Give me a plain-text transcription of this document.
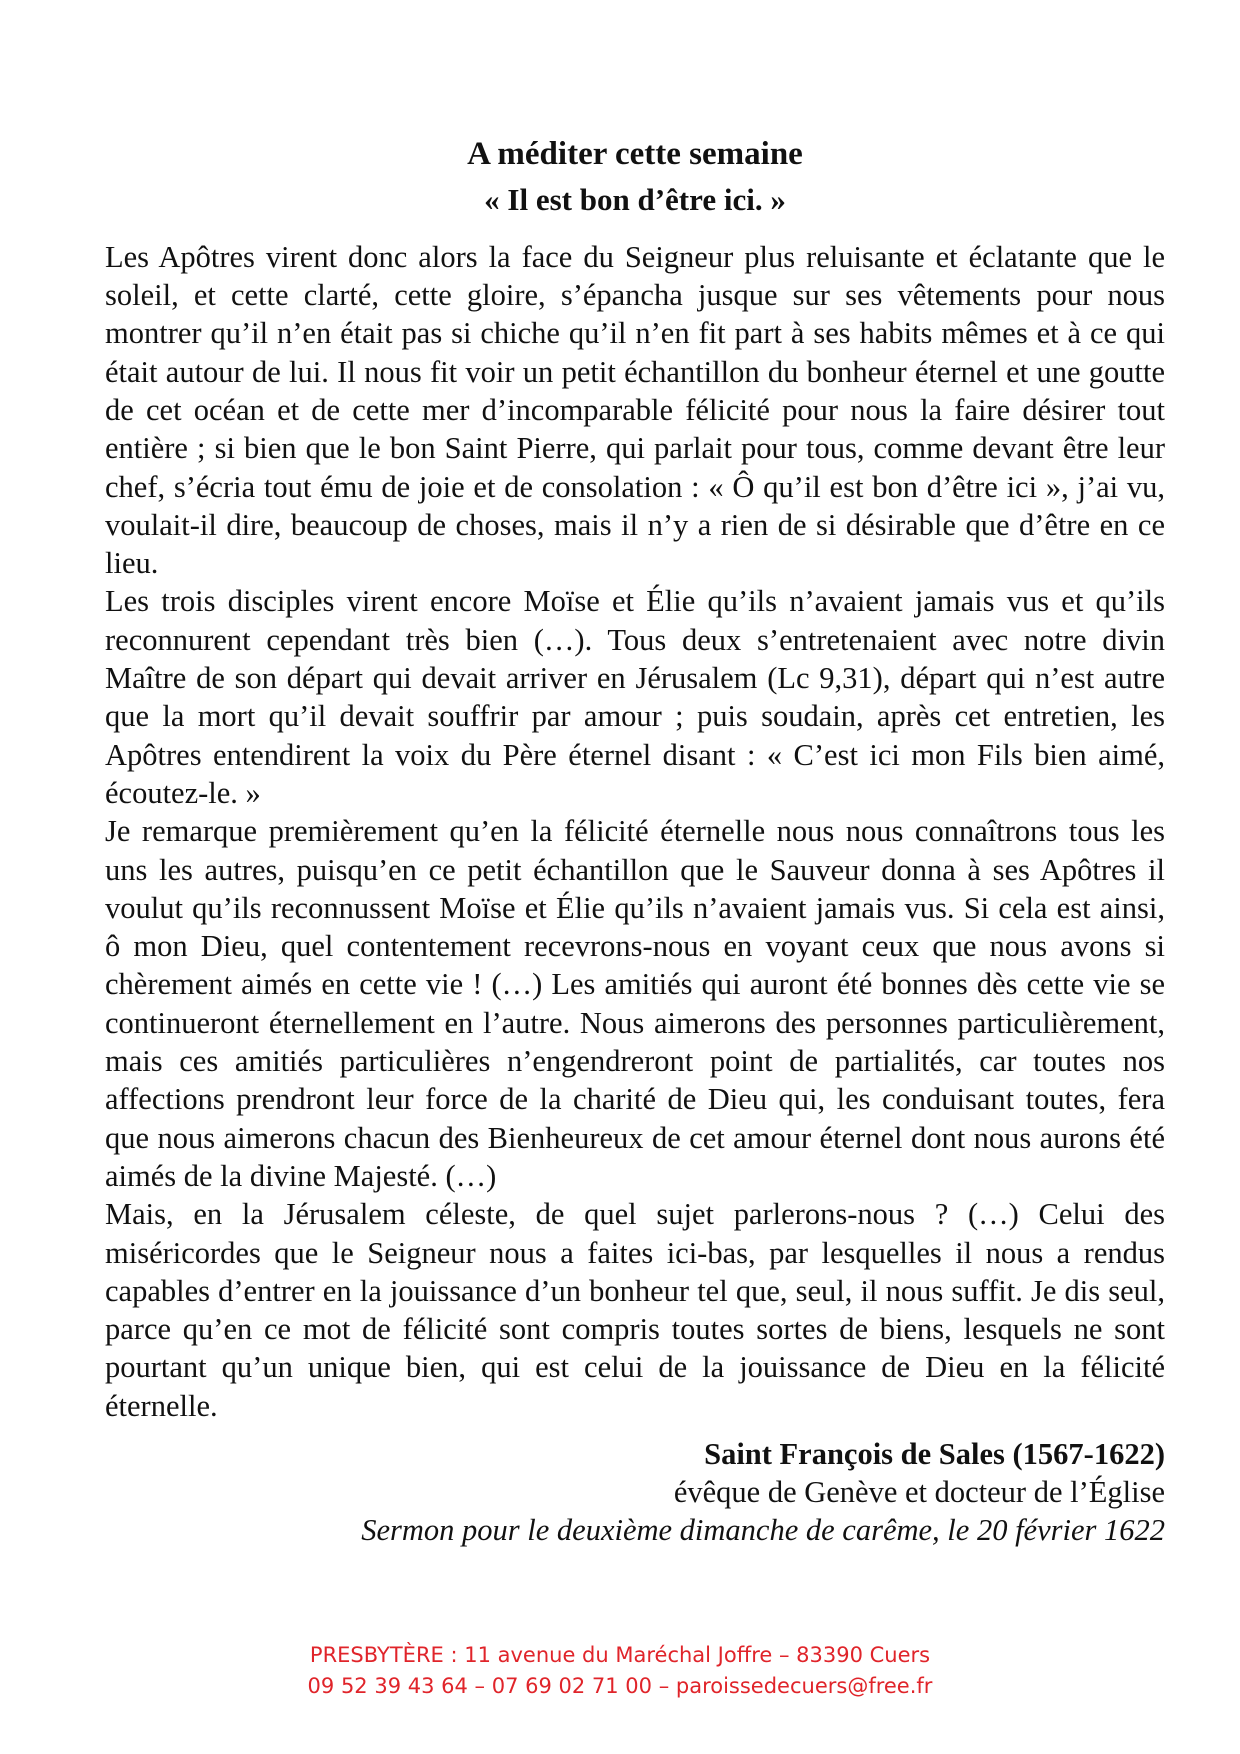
A méditer cette semaine
« Il est bon d’être ici. »

Les Apôtres virent donc alors la face du Seigneur plus reluisante et éclatante que le soleil, et cette clarté, cette gloire, s’épancha jusque sur ses vêtements pour nous montrer qu’il n’en était pas si chiche qu’il n’en fit part à ses habits mêmes et à ce qui était autour de lui. Il nous fit voir un petit échantillon du bonheur éternel et une goutte de cet océan et de cette mer d’incomparable félicité pour nous la faire désirer tout entière ; si bien que le bon Saint Pierre, qui parlait pour tous, comme devant être leur chef, s’écria tout ému de joie et de consolation : « Ô qu’il est bon d’être ici », j’ai vu, voulait-il dire, beaucoup de choses, mais il n’y a rien de si désirable que d’être en ce lieu.

Les trois disciples virent encore Moïse et Élie qu’ils n’avaient jamais vus et qu’ils reconnurent cependant très bien (…). Tous deux s’entretenaient avec notre divin Maître de son départ qui devait arriver en Jérusalem (Lc 9,31), départ qui n’est autre que la mort qu’il devait souffrir par amour ; puis soudain, après cet entretien, les Apôtres entendirent la voix du Père éternel disant : « C’est ici mon Fils bien aimé, écoutez-le. »

Je remarque premièrement qu’en la félicité éternelle nous nous connaîtrons tous les uns les autres, puisqu’en ce petit échantillon que le Sauveur donna à ses Apôtres il voulut qu’ils reconnussent Moïse et Élie qu’ils n’avaient jamais vus. Si cela est ainsi, ô mon Dieu, quel contentement recevrons-nous en voyant ceux que nous avons si chèrement aimés en cette vie ! (…) Les amitiés qui auront été bonnes dès cette vie se continueront éternellement en l’autre. Nous aimerons des personnes particulièrement, mais ces amitiés particulières n’engendreront point de partialités, car toutes nos affections prendront leur force de la charité de Dieu qui, les conduisant toutes, fera que nous aimerons chacun des Bienheureux de cet amour éternel dont nous aurons été aimés de la divine Majesté. (…)

Mais, en la Jérusalem céleste, de quel sujet parlerons-nous ? (…) Celui des miséricordes que le Seigneur nous a faites ici-bas, par lesquelles il nous a rendus capables d’entrer en la jouissance d’un bonheur tel que, seul, il nous suffit. Je dis seul, parce qu’en ce mot de félicité sont compris toutes sortes de biens, lesquels ne sont pourtant qu’un unique bien, qui est celui de la jouissance de Dieu en la félicité éternelle.

Saint François de Sales (1567-1622)
évêque de Genève et docteur de l’Église
Sermon pour le deuxième dimanche de carême, le 20 février 1622
PRESBYTÈRE : 11 avenue du Maréchal Joffre – 83390 Cuers
09 52 39 43 64 – 07 69 02 71 00 – paroissedecuers@free.fr
